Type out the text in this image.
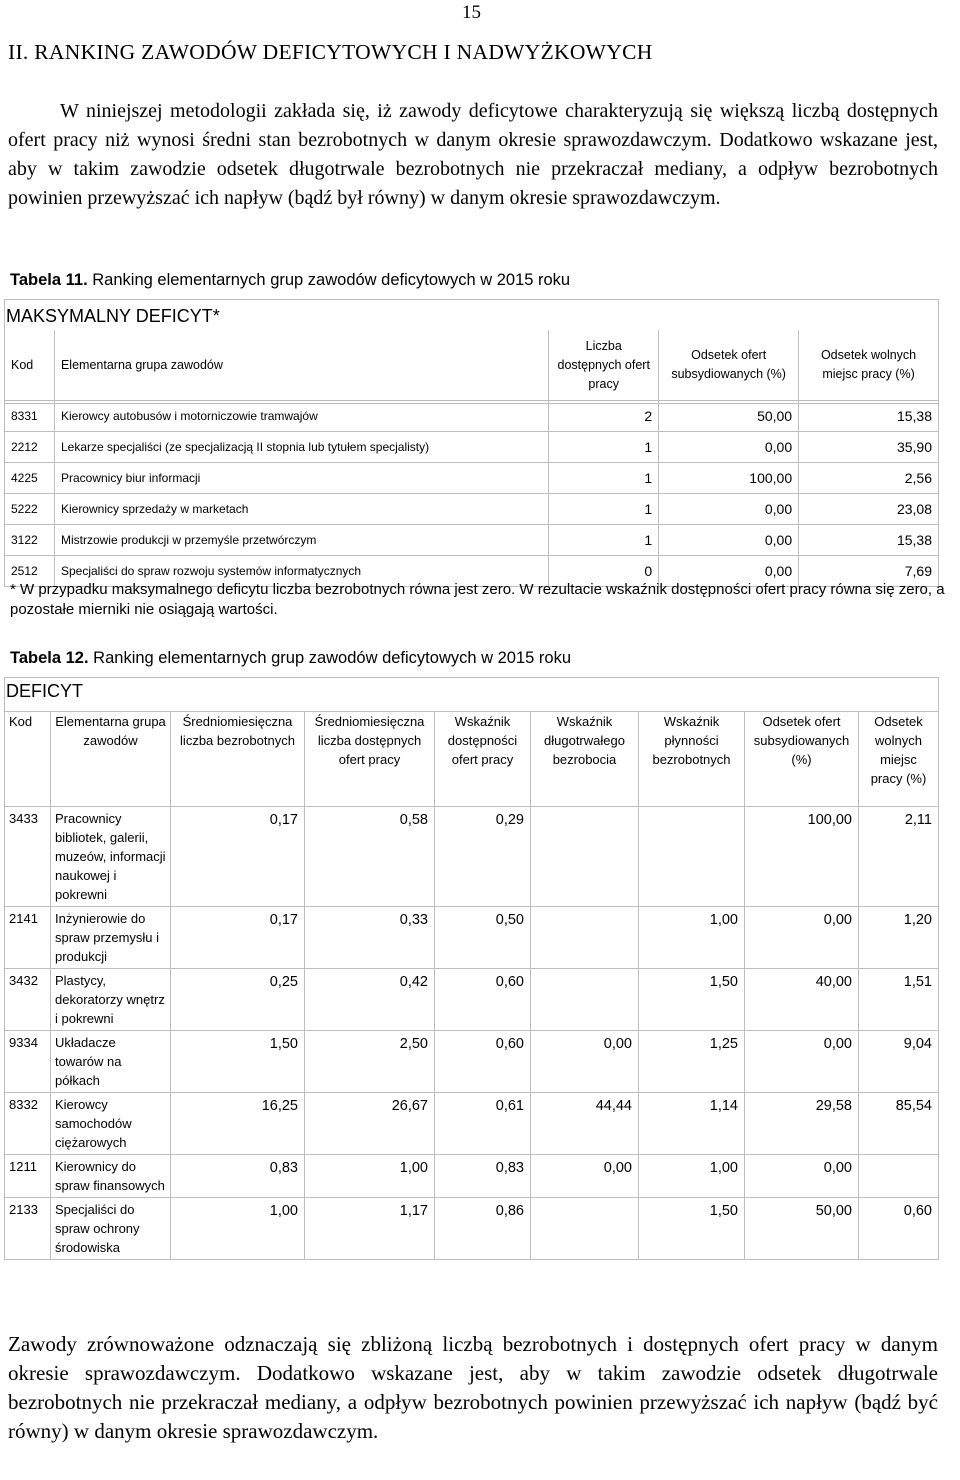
15
II. RANKING ZAWODÓW DEFICYTOWYCH I NADWYŻKOWYCH

W niniejszej metodologii zakłada się, iż zawody deficytowe charakteryzują się większą liczbą dostępnych ofert pracy niż wynosi średni stan bezrobotnych w danym okresie sprawozdawczym. Dodatkowo wskazane jest, aby w takim zawodzie odsetek długotrwale bezrobotnych nie przekraczał mediany, a odpływ bezrobotnych powinien przewyższać ich napływ (bądź był równy) w danym okresie sprawozdawczym.

Tabela 11. Ranking elementarnych grup zawodów deficytowych w 2015 roku
MAKSYMALNY DEFICYT*
Kod	Elementarna grupa zawodów	Liczba dostępnych ofert pracy	Odsetek ofert subsydiowanych (%)	Odsetek wolnych miejsc pracy (%)
8331	Kierowcy autobusów i motorniczowie tramwajów	2	50,00	15,38
2212	Lekarze specjaliści (ze specjalizacją II stopnia lub tytułem specjalisty)	1	0,00	35,90
4225	Pracownicy biur informacji	1	100,00	2,56
5222	Kierownicy sprzedaży w marketach	1	0,00	23,08
3122	Mistrzowie produkcji w przemyśle przetwórczym	1	0,00	15,38
2512	Specjaliści do spraw rozwoju systemów informatycznych	0	0,00	7,69
* W przypadku maksymalnego deficytu liczba bezrobotnych równa jest zero. W rezultacie wskaźnik dostępności ofert pracy równa się zero, a pozostałe mierniki nie osiągają wartości.
Tabela 12. Ranking elementarnych grup zawodów deficytowych w 2015 roku
DEFICYT
Kod	Elementarna grupa zawodów	Średniomiesięczna liczba bezrobotnych	Średniomiesięczna liczba dostępnych ofert pracy	Wskaźnik dostępności ofert pracy	Wskaźnik długotrwałego bezrobocia	Wskaźnik płynności bezrobotnych	Odsetek ofert subsydiowanych (%)	Odsetek wolnych miejsc pracy (%)
3433	Pracownicy bibliotek, galerii, muzeów, informacji naukowej i pokrewni	0,17	0,58	0,29			100,00	2,11
2141	Inżynierowie do spraw przemysłu i produkcji	0,17	0,33	0,50		1,00	0,00	1,20
3432	Plastycy, dekoratorzy wnętrz i pokrewni	0,25	0,42	0,60		1,50	40,00	1,51
9334	Układacze towarów na półkach	1,50	2,50	0,60	0,00	1,25	0,00	9,04
8332	Kierowcy samochodów ciężarowych	16,25	26,67	0,61	44,44	1,14	29,58	85,54
1211	Kierownicy do spraw finansowych	0,83	1,00	0,83	0,00	1,00	0,00	
2133	Specjaliści do spraw ochrony środowiska	1,00	1,17	0,86		1,50	50,00	0,60

Zawody zrównoważone odznaczają się zbliżoną liczbą bezrobotnych i dostępnych ofert pracy w danym okresie sprawozdawczym. Dodatkowo wskazane jest, aby w takim zawodzie odsetek długotrwale bezrobotnych nie przekraczał mediany, a odpływ bezrobotnych powinien przewyższać ich napływ (bądź być równy) w danym okresie sprawozdawczym.
